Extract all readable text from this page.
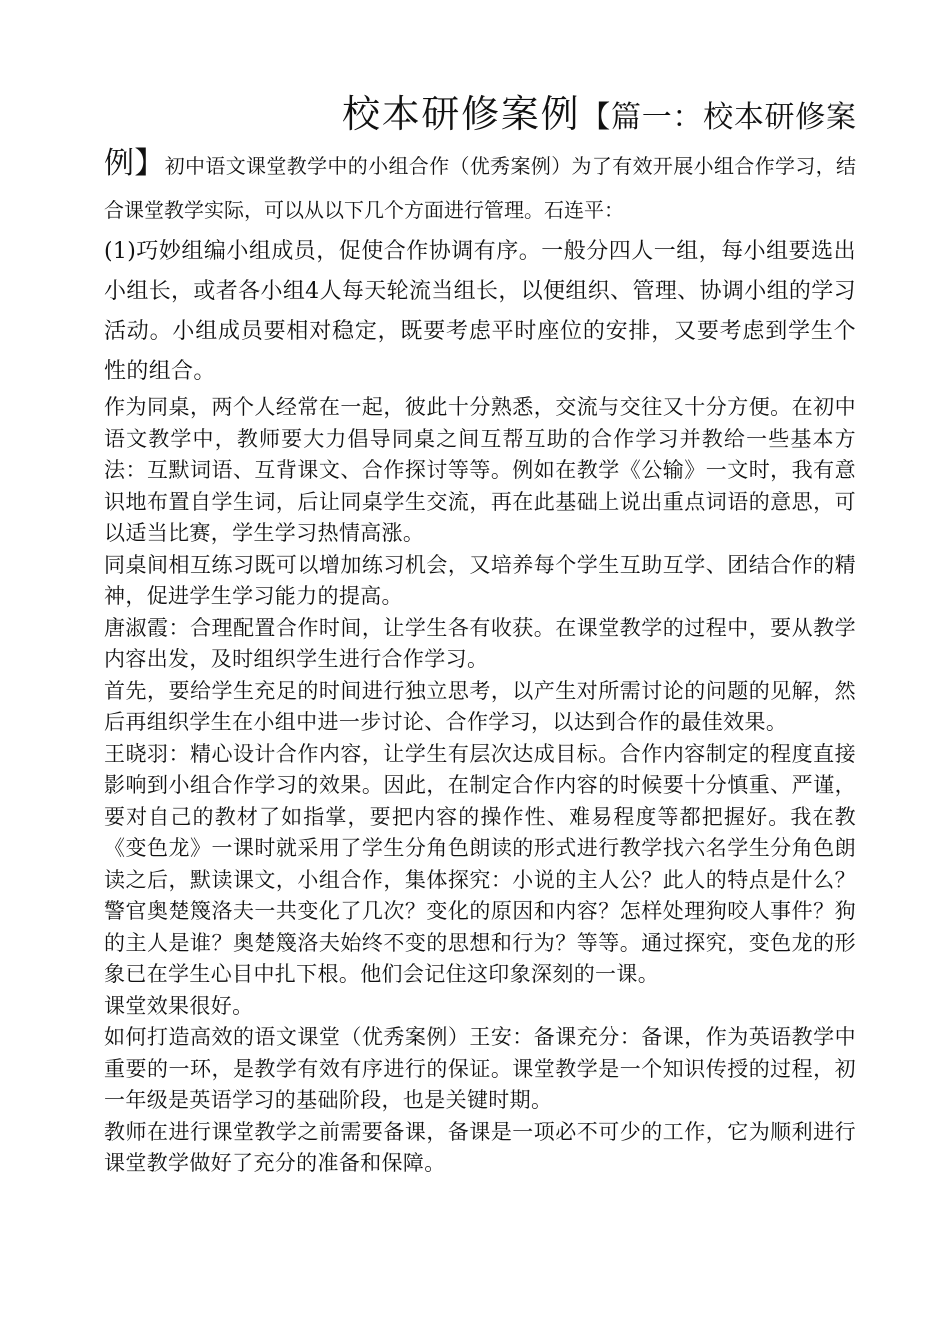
校本研修案例【篇一：校本研修案例】初中语文课堂教学中的小组合作（优秀案例）为了有效开展小组合作学习，结合课堂教学实际，可以从以下几个方面进行管理。石连平：

(1)巧妙组编小组成员，促使合作协调有序。一般分四人一组，每小组要选出小组长，或者各小组4人每天轮流当组长，以便组织、管理、协调小组的学习活动。小组成员要相对稳定，既要考虑平时座位的安排，又要考虑到学生个性的组合。

作为同桌，两个人经常在一起，彼此十分熟悉，交流与交往又十分方便。在初中语文教学中，教师要大力倡导同桌之间互帮互助的合作学习并教给一些基本方法：互默词语、互背课文、合作探讨等等。例如在教学《公输》一文时，我有意识地布置自学生词，后让同桌学生交流，再在此基础上说出重点词语的意思，可以适当比赛，学生学习热情高涨。

同桌间相互练习既可以增加练习机会，又培养每个学生互助互学、团结合作的精神，促进学生学习能力的提高。

唐淑霞：合理配置合作时间，让学生各有收获。在课堂教学的过程中，要从教学内容出发，及时组织学生进行合作学习。

首先，要给学生充足的时间进行独立思考，以产生对所需讨论的问题的见解，然后再组织学生在小组中进一步讨论、合作学习，以达到合作的最佳效果。

王晓羽：精心设计合作内容，让学生有层次达成目标。合作内容制定的程度直接影响到小组合作学习的效果。因此，在制定合作内容的时候要十分慎重、严谨，要对自己的教材了如指掌，要把内容的操作性、难易程度等都把握好。我在教《变色龙》一课时就采用了学生分角色朗读的形式进行教学找六名学生分角色朗读之后，默读课文，小组合作，集体探究：小说的主人公？此人的特点是什么？警官奥楚篾洛夫一共变化了几次？变化的原因和内容？怎样处理狗咬人事件？狗的主人是谁？奥楚篾洛夫始终不变的思想和行为？等等。通过探究，变色龙的形象已在学生心目中扎下根。他们会记住这印象深刻的一课。

课堂效果很好。

如何打造高效的语文课堂（优秀案例）王安：备课充分：备课，作为英语教学中重要的一环，是教学有效有序进行的保证。课堂教学是一个知识传授的过程，初一年级是英语学习的基础阶段，也是关键时期。

教师在进行课堂教学之前需要备课，备课是一项必不可少的工作，它为顺利进行课堂教学做好了充分的准备和保障。
